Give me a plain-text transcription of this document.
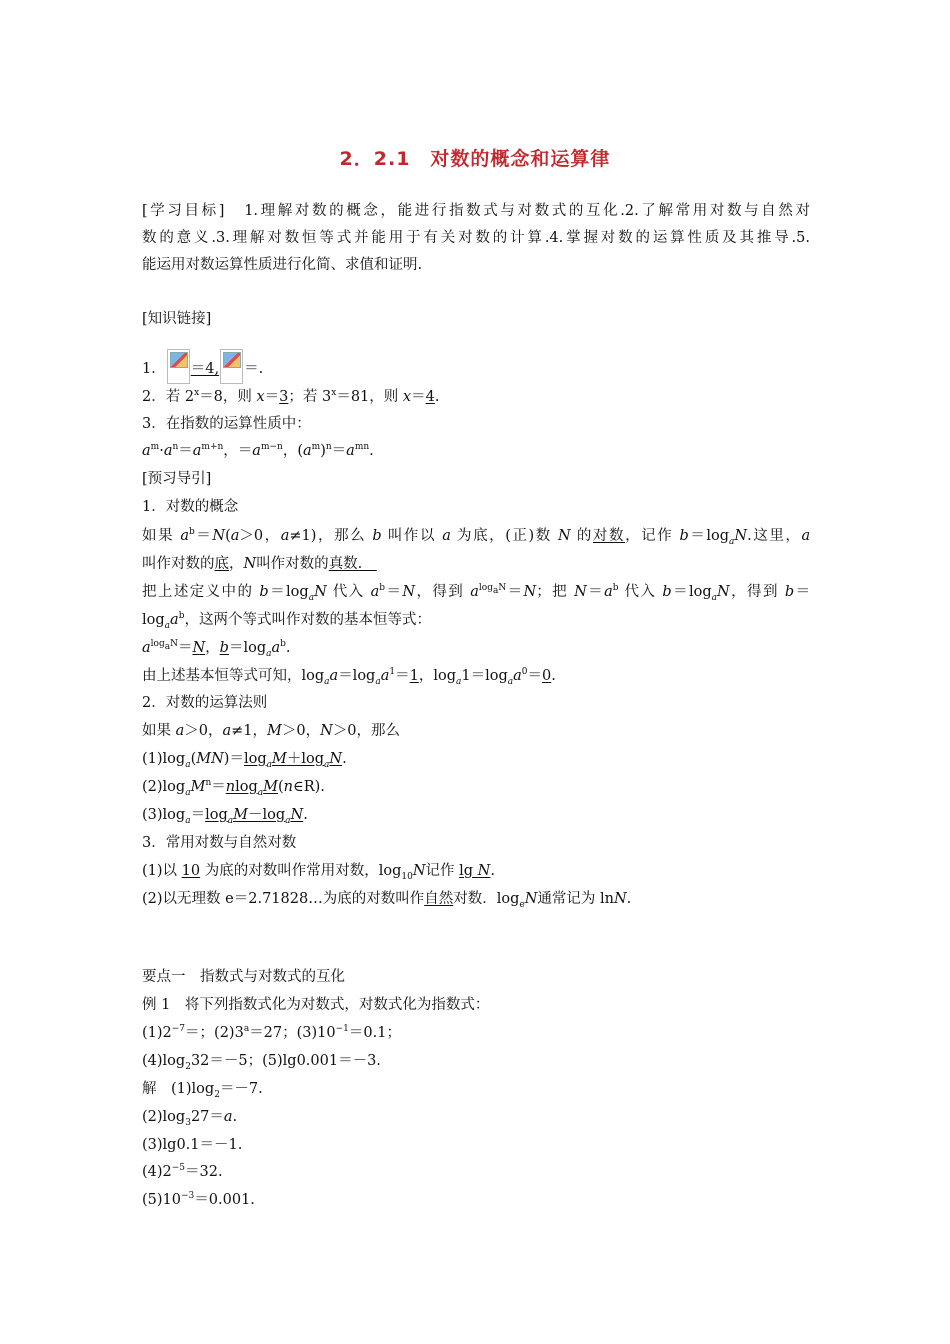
2．2.1　对数的概念和运算律
[学习目标]　1.理解对数的概念，能进行指数式与对数式的互化.2.了解常用对数与自然对
数的意义.3.理解对数恒等式并能用于有关对数的计算.4.掌握对数的运算性质及其推导.5.
能运用对数运算性质进行化简、求值和证明.
[知识链接]
1． ＝4, ＝.
2．若 $2^x=8$，则 x＝3；若 $3^x=81$，则 x＝4.
3．在指数的运算性质中：
$a^m\cdot a^n=a^{m+n}$，$=a^{m-n}$，$(a^m)^n=a^{mn}$.
[预习导引]
1．对数的概念
如果 $a^b=N(a>0$，a≠1)，那么 b 叫作以 a 为底，(正)数 N 的对数，记作 $b=\log_aN$.这里，a
叫作对数的底，N叫作对数的真数.　
把上述定义中的 $b=\log_aN$ 代入 $a^b=N$，得到 $a^{log_aN}=N$；把 $N=a^b$ 代入 $b=\log_aN$，得到 b＝
$\log_aa^b$，这两个等式叫作对数的基本恒等式：
$a^{log_aN}=N$，$b=\log_aa^b$.
由上述基本恒等式可知，$\log_aa=\log_aa^1=1$，$\log_a1=\log_aa^0=0$.
2．对数的运算法则
如果 a＞0，a≠1，M＞0，N＞0，那么
$(1)\log_a(MN)=\log_aM+\log_aN$.
$(2)\log_aM^n=nlog_aM(n\in R)$.
$(3)\log_a=\log_aM-\log_aN$.
3．常用对数与自然对数
(1)以 10 为底的对数叫作常用对数，$\log_{10}N$记作 lg N.
(2)以无理数 e＝2.71828…为底的对数叫作自然对数．$\log_eN$通常记为 lnN.
要点一　指数式与对数式的互化
例 1　将下列指数式化为对数式，对数式化为指数式：
$(1)2^{-7}=$；$(2)3^a=27$；$(3)10^{-1}=0.1$；
$(4)\log_232=-5$；(5)lg0.001＝－3.
解　$(1)\log_2=-7$.
$(2)\log_327=a$.
(3)lg0.1＝－1.
$(4)2^{-5}=32$.
$(5)10^{-3}=0.001$.
